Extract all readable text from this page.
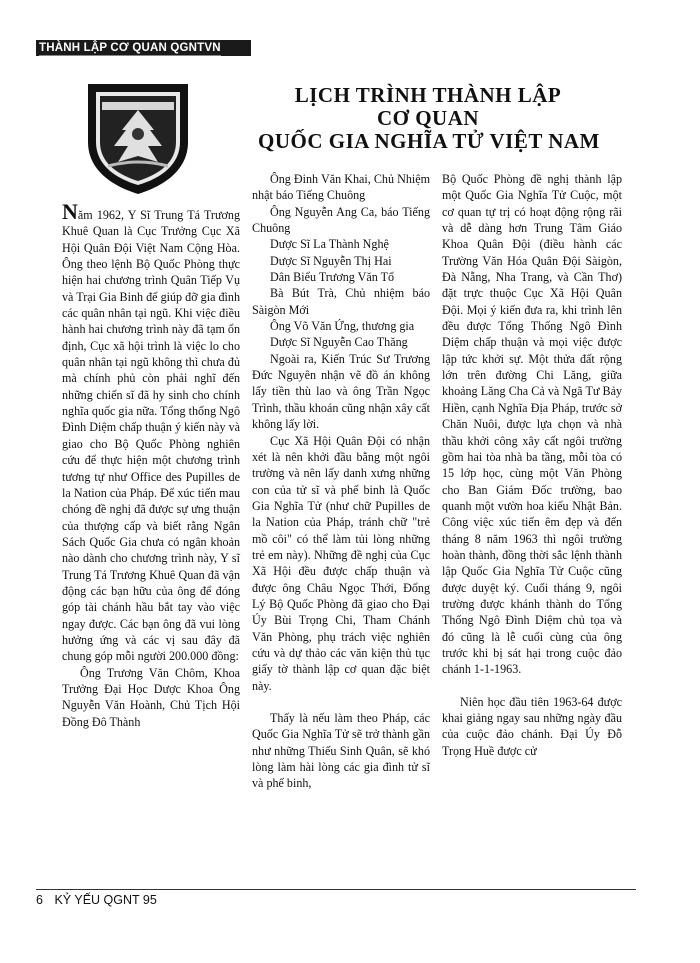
THÀNH LẬP CƠ QUAN QGNTVN
LỊCH TRÌNH THÀNH LẬP
CƠ QUAN
QUỐC GIA NGHĨA TỬ VIỆT NAM

Năm 1962, Y Sĩ Trung Tá Trương Khuê Quan là Cục Trưởng Cục Xã Hội Quân Đội Việt Nam Cộng Hòa. Ông theo lệnh Bộ Quốc Phòng thực hiện hai chương trình Quân Tiếp Vụ và Trại Gia Binh để giúp đỡ gia đình các quân nhân tại ngũ. Khi việc điều hành hai chương trình này đã tạm ổn định, Cục xã hội trình là việc lo cho quân nhân tại ngũ không thì chưa đủ mà chính phủ còn phải nghĩ đến những chiến sĩ đã hy sinh cho chính nghĩa quốc gia nữa. Tổng thống Ngô Đình Diệm chấp thuận ý kiến này và giao cho Bộ Quốc Phòng nghiên cứu để thực hiện một chương trình tương tự như Office des Pupilles de la Nation của Pháp. Để xúc tiến mau chóng đề nghị đã được sự ưng thuận của thượng cấp và biết rằng Ngân Sách Quốc Gia chưa có ngân khoản nào dành cho chương trình này, Y sĩ Trung Tá Trương Khuê Quan đã vận động các bạn hữu của ông để đóng góp tài chánh hầu bắt tay vào việc ngay được. Các bạn ông đã vui lòng hưởng ứng và các vị sau đây đã chung góp mỗi người 200.000 đồng:

Ông Trương Văn Chôm, Khoa Trưởng Đại Học Dược Khoa Ông Nguyễn Văn Hoành, Chủ Tịch Hội Đồng Đô Thành

Ông Đinh Văn Khai, Chủ Nhiệm nhật báo Tiếng Chuông

Ông Nguyễn Ang Ca, báo Tiếng Chuông

Dược Sĩ La Thành Nghệ

Dược Sĩ Nguyễn Thị Hai

Dân Biểu Trương Văn Tố

Bà Bút Trà, Chủ nhiệm báo Sàigòn Mới

Ông Võ Văn Ứng, thương gia

Dược Sĩ Nguyễn Cao Thăng

Ngoài ra, Kiến Trúc Sư Trương Đức Nguyên nhận vẽ đồ án không lấy tiền thù lao và ông Trần Ngọc Trình, thầu khoán cũng nhận xây cất không lấy lời.

Cục Xã Hội Quân Đội có nhận xét là nên khởi đầu bằng một ngôi trường và nên lấy danh xưng những con của tử sĩ và phế binh là Quốc Gia Nghĩa Tử (như chữ Pupilles de la Nation của Pháp, tránh chữ "trẻ mồ côi" có thể làm tủi lòng những trẻ em này). Những đề nghị của Cục Xã Hội đều được chấp thuận và được ông Châu Ngọc Thới, Đổng Lý Bộ Quốc Phòng đã giao cho Đại Úy Bùi Trọng Chi, Tham Chánh Văn Phòng, phụ trách việc nghiên cứu và dự thảo các văn kiện thủ tục giấy tờ thành lập cơ quan đặc biệt này.

Thấy là nếu làm theo Pháp, các Quốc Gia Nghĩa Tử sẽ trở thành gần như những Thiếu Sinh Quân, sẽ khó lòng làm hài lòng các gia đình tử sĩ và phế binh,

Bộ Quốc Phòng đề nghị thành lập một Quốc Gia Nghĩa Tử Cuộc, một cơ quan tự trị có hoạt động rộng rãi và dễ dàng hơn Trung Tâm Giáo Khoa Quân Đội (điều hành các Trường Văn Hóa Quân Đội Sàigòn, Đà Nẵng, Nha Trang, và Cần Thơ) đặt trực thuộc Cục Xã Hội Quân Đội. Mọi ý kiến đưa ra, khi trình lên đều được Tổng Thống Ngô Đình Diệm chấp thuận và mọi việc được lập tức khởi sự. Một thửa đất rộng lớn trên đường Chi Lăng, giữa khoảng Lăng Cha Cả và Ngã Tư Bảy Hiền, cạnh Nghĩa Địa Pháp, trước sở Chăn Nuôi, được lựa chọn và nhà thầu khởi công xây cất ngôi trường gồm hai tòa nhà ba tầng, mỗi tòa có 15 lớp học, cùng một Văn Phòng cho Ban Giám Đốc trường, bao quanh một vườn hoa kiểu Nhật Bản. Công việc xúc tiến êm đẹp và đến tháng 8 năm 1963 thì ngôi trường hoàn thành, đồng thời sắc lệnh thành lập Quốc Gia Nghĩa Tử Cuộc cũng được duyệt ký. Cuối tháng 9, ngôi trường được khánh thành do Tổng Thống Ngô Đình Diệm chủ tọa và đó cũng là lễ cuối cùng của ông trước khi bị sát hại trong cuộc đảo chánh 1-1-1963.

Niên học đầu tiên 1963-64 được khai giảng ngay sau những ngày đầu của cuộc đảo chánh. Đại Úy Đỗ Trọng Huề được cử

6 KỶ YẾU QGNT 95
